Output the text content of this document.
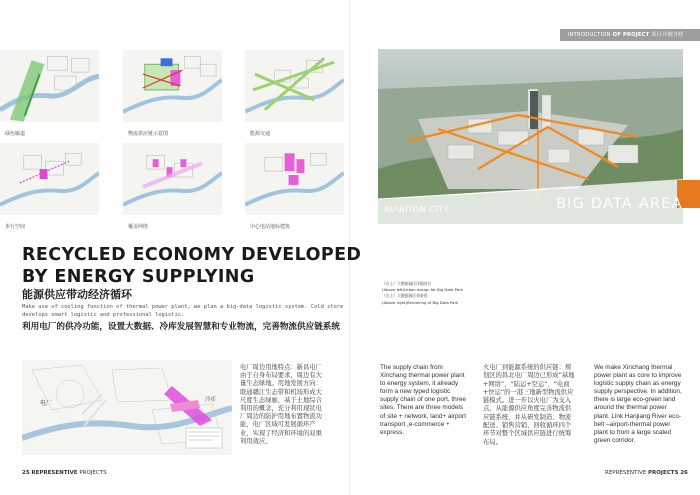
INTRODUCTION OF PROJECT 项目详细介绍
绿色廊道	物流供应链示意图	能源交通
步行空间	覆盖网络	中心电站地标建筑
AVIATION CITY	BIG DATA AREA
RECYCLED ECONOMY DEVELOPED
BY ENERGY SUPPLYING
能源供应带动经济循环
Make use of cooling function of thermal power plant, we plan a big-data logistic system. Cold store develops smart logistic and professional logistic.
利用电厂的供冷功能，设置大数据、冷库发展智慧和专业物流，完善物流供应链系统
（右上）大数据园区详细设计
(Above left)Urban design for Big Data Park
（右上）大数据园区效果图
(Above right)Rendering of Big Data Park
电厂	冷库
电厂周边用地特点：新昌电厂由于自身布局要求，周边有大量生态绿地。用地发展方向：联通赣江生态带和机场形成大尺度生态绿廊，基于土地综合利用的概念，充分利用现状电厂周边的防护用地布置物流功能，电厂区域可发展循环产业，实现了经济和环境的双重利用效应。
The supply chain from Xinchang thermal power plant to energy system, it already form a new typed logistic supply chain of one port, three sites. There are three models of site + network, land+ airport transport ,e-commerce + express.
火电厂到能源系统的供应链：规划区的昌北电厂周边已形成“基地+网络”、“陆运+空运”、“电商+快运”的一港三地新型物流供应链模式。进一步以火电厂为支入点，从能源供应角度完善物流供应链系统，并从研发制造、物流配送、销售营销、回收循环四个环节对整个区域供应链进行统筹布局。
We make Xinchang thermal power plant as core to improve logistic supply chain as energy supply perspective. In addition, there is large eco-green land around the thermal power plant. Link Hanjiang River eco-belt –airport-thermal power plant to from a large scaled green corridor.
25 REPRESENTIVE PROJECTS	REPRESENTIVE PROJECTS 26
